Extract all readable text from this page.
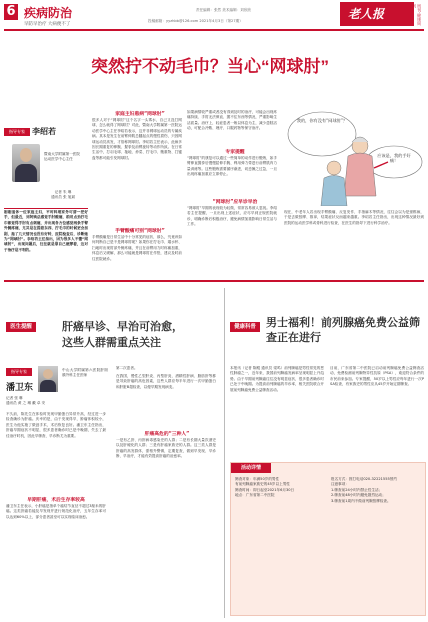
6 疾病防治
早防早治疗 大病便不了
责任编辑：张然 美术编辑：刘欣欣
投稿邮箱：yyzhbb@126.com 2021年4月3日（第27期）	老人报	周刊·健康周刊
突然拧不动毛巾？当心“网球肘”
指导专家 李绍若
暨南大学附属第一医院运动医学中心主任
记者 朱 琳
通讯员 张 旭斌
刚刚退休一位家庭主妇，平时料理家务可谓一把好手，但最近，刘阿姨总感觉手肘酸痛，稍用点劲拧毛巾都觉得手肘有点刺痛，并出现各方位感觉两条手臂外侧疼痛，尤其是在提着东西、拧毛巾的时候更会加剧，拖了几天情况也没有好转，医院检查后，诊断她为“网球肘”。李绍若主任指出，因为很多人不懂“网球肘”，出现问题后，往往就是靠自己硬撑着，这对于治疗是不利的。
家庭主妇患病“网球肘”
很多人对于“网球肘”这个名字一头雾水，自己又没打网球，怎么就得了网球肘？对此，暨南大学附属第一医院运动医学中心主任李绍若表示，这并非网球运动员的专属疾病。其本是发生在前臂伸肌总腱起点的慢性损伤，只因网球运动员高发，才俗称网球肘。李绍若主任表示，此病多因长期重复的伸腕、握拳及前臂旋转等动作所致。在日常生活中，打羽毛球、拖地、炒菜、拧毛巾、搬重物、打键盘等都可能引发网球肘。
手臂酸痛可别“网球肘”
手臂酸痛是日常生活中十分常见的症状，那么，究竟该如何判断自己是不是网球肘呢？如果你在拧毛巾、端水杯、扫地时出现肘部外侧疼痛，并且在前臂用力时疼痛加重，休息后又缓解，那么可能就是网球肘在作怪，建议及时前往医院就诊。
如果病情较严重或者没有得到及时的治疗，可能会出现疼痛持续、手肘无法伸直、握不住东西等情况，严重影响生活质量。治疗上，轻症患者一般以休息为主，减少患肢活动，可配合冷敷、理疗、口服药物等保守治疗。
专家提醒
“网球肘”的康复可以通过一些简单的动作进行锻炼，如手臂伸直握拳后慢慢屈伸手腕、利用弹力带进行前臂肌肉力量训练等。这些锻炼需要循序渐进，切忌操之过急，一旦出现疼痛加重应立即停止。
“网球肘”应早诊早治
“网球肘”早期的表现较为轻微，常常容易被人忽视。李绍若主任提醒，一旦出现上述症状，应尽早到正规医院就诊，明确诊断后积极治疗，避免病情加重影响日常生活与工作。
我的，你有没有“网球肘”？
应该是，我的手好痛！
现在，中老年人若出现手臂酸痛、反复发作、手指麻木等情况，往往会以为是颈椎病，于是去做按摩、推拿，结果症状反而越来越重。李绍若主任指出，出现这种情况最好到医院的运动医学科或骨科进行检查，在医生的指导下进行科学治疗。
医生提醒	肝癌早诊、早治可治愈，
这些人群需重点关注
指导专家
潘卫东
中山大学附属第六医院肝胆胰外科主任医师
记者 张 琳
通讯员 黄 之 琳 戴 卓 安
不久前，陈先生在体检时发现甲胎蛋白异常升高，经过进一步检查确诊为肝癌。庆幸的是，由于发现得早，肿瘤体积较小，医生为他实施了微创手术，术后恢复良好。潘卫东主任指出，肝癌早期症状不明显，很多患者确诊时已是中晚期，失去了最佳治疗时机，因此早筛查、早诊断尤为重要。
早期肝癌，术后生存率较高
潘卫东主任表示，小肝癌是指单个癌结节直径不超过3厘米的肝癌。这类肝癌若能及早发现并进行规范化治疗，五年生存率可以达到60%以上，部分患者甚至可以实现临床治愈。
第二次患者。
在我国，慢性乙型肝炎、丙型肝炎、酒精性肝病、脂肪肝等都是导致肝癌的高危因素，这些人群应每半年进行一次甲胎蛋白和肝脏B超检查，以便早期发现病变。
肝癌高危的“三种人”
一是有乙肝、丙肝病毒感染史的人群；二是有长期大量饮酒史以及肝硬化的人群；三是有肝癌家族史的人群。这三类人群是肝癌的高发群体，需格外警惕，定期复查，做到早发现、早诊断、早治疗，才能有效提高肝癌的治愈率。
健康科普 男士福利！前列腺癌免费公益筛查正在进行
本报讯（记者 陈鲲 通讯员 梁鸣）前列腺癌是男性常见的恶性肿瘤之一，近年来，我国前列腺癌发病率呈现明显上升趋势。由于早期前列腺癌往往没有明显症状，很多患者确诊时已处于中晚期。为提高前列腺癌的早诊率，相关医院联合开展前列腺癌免费公益筛查活动。
目前，广东省第二中医院已启动前列腺癌免费公益筛查活动，免费检测前列腺特异性抗原（PSA），欢迎符合条件的市民前来参加。专家提醒，50岁以上男性应每年进行一次PSA检查，有家族史的男性应从45岁开始定期筛查。
活动详情
筛查对象：年满50岁的男性
有前列腺癌家族史的45岁以上男性
筛查时间：即日起至2021年6月30日
地点：广东省第二中医院
报名方式：拨打电话020-32221555预约
注意事项：
1.筛查前24小时内禁止性生活；
2.筛查前48小时内避免剧烈运动；
3.筛查前1周内不做前列腺按摩检查。
